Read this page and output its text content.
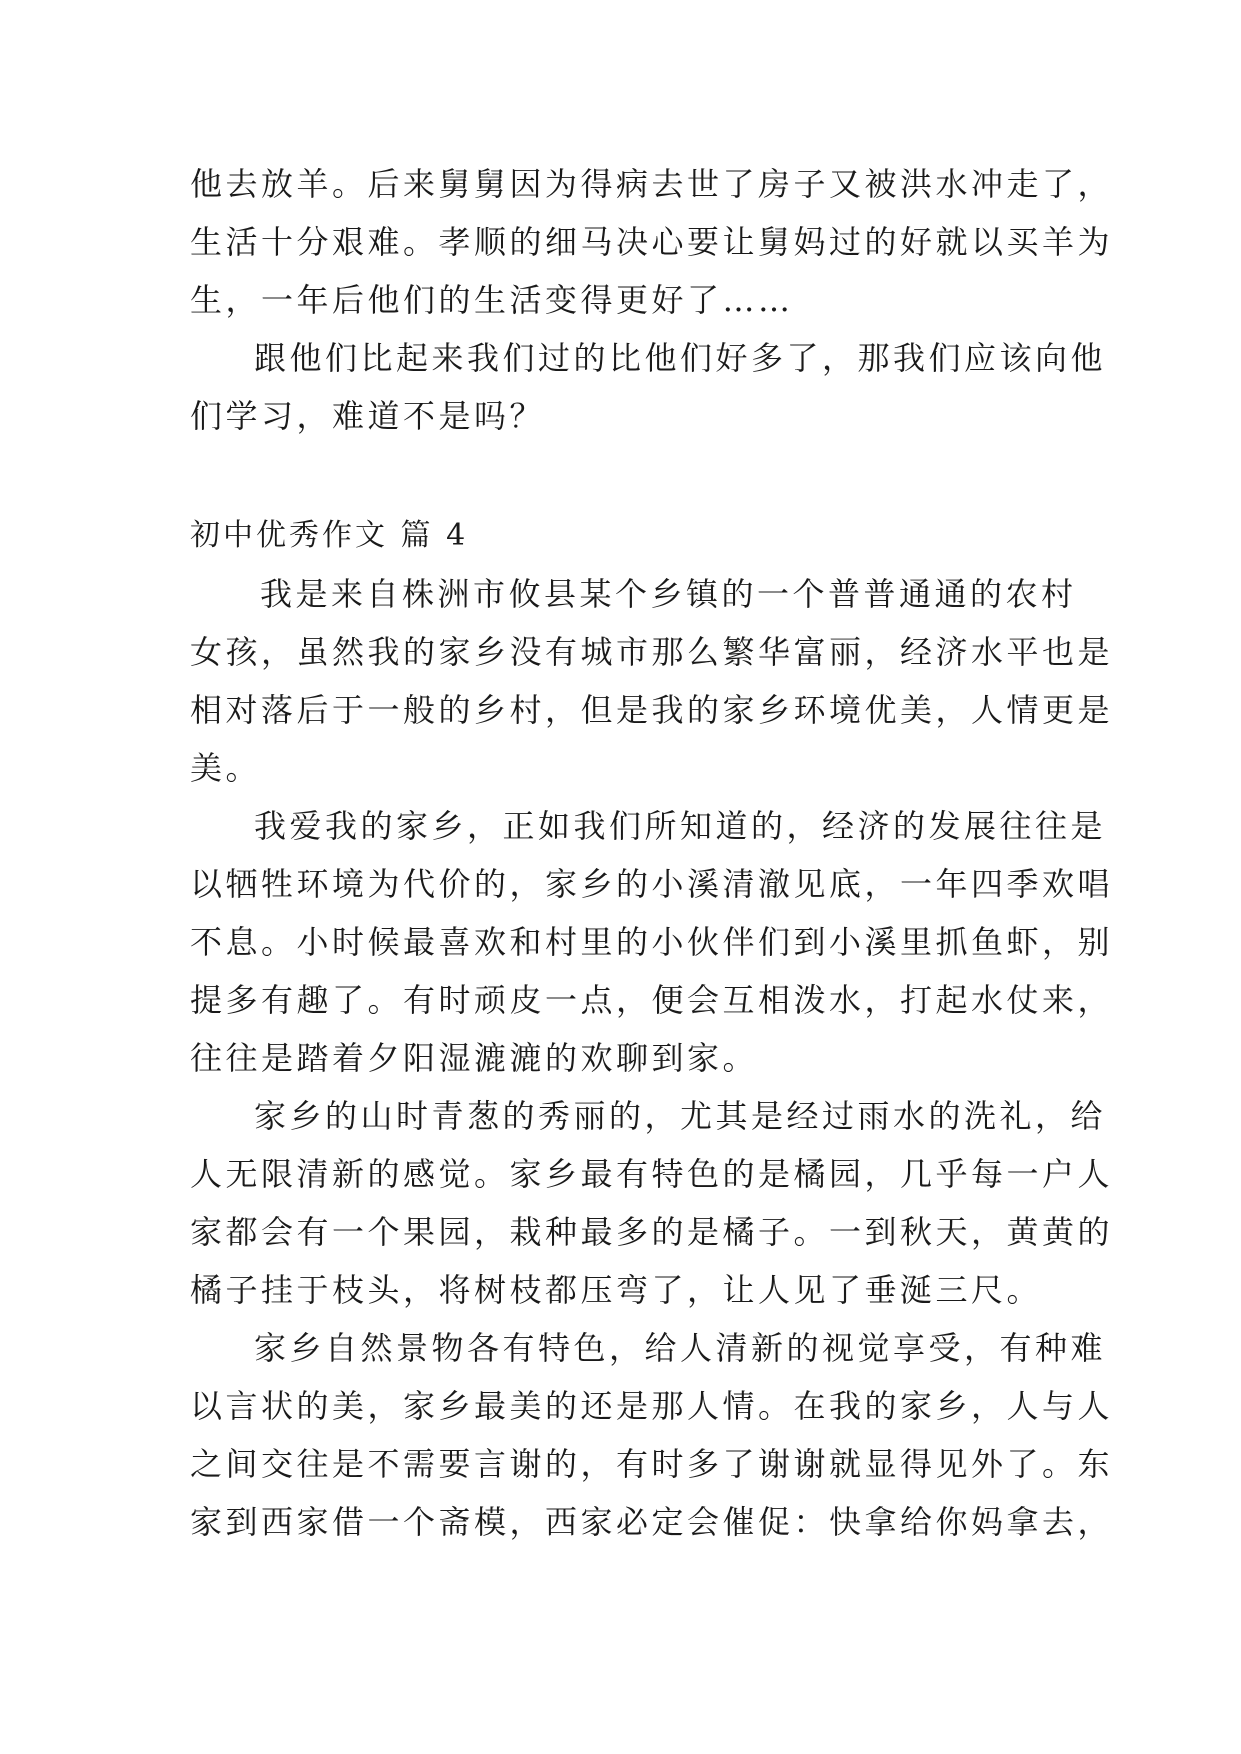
他去放羊。后来舅舅因为得病去世了房子又被洪水冲走了，
生活十分艰难。孝顺的细马决心要让舅妈过的好就以买羊为
生，一年后他们的生活变得更好了……
跟他们比起来我们过的比他们好多了，那我们应该向他
们学习，难道不是吗？
初中优秀作文 篇 4
我是来自株洲市攸县某个乡镇的一个普普通通的农村
女孩，虽然我的家乡没有城市那么繁华富丽，经济水平也是
相对落后于一般的乡村，但是我的家乡环境优美，人情更是
美。
我爱我的家乡，正如我们所知道的，经济的发展往往是
以牺牲环境为代价的，家乡的小溪清澈见底，一年四季欢唱
不息。小时候最喜欢和村里的小伙伴们到小溪里抓鱼虾，别
提多有趣了。有时顽皮一点，便会互相泼水，打起水仗来，
往往是踏着夕阳湿漉漉的欢聊到家。
家乡的山时青葱的秀丽的，尤其是经过雨水的洗礼，给
人无限清新的感觉。家乡最有特色的是橘园，几乎每一户人
家都会有一个果园，栽种最多的是橘子。一到秋天，黄黄的
橘子挂于枝头，将树枝都压弯了，让人见了垂涎三尺。
家乡自然景物各有特色，给人清新的视觉享受，有种难
以言状的美，家乡最美的还是那人情。在我的家乡，人与人
之间交往是不需要言谢的，有时多了谢谢就显得见外了。东
家到西家借一个斋模，西家必定会催促：快拿给你妈拿去，
